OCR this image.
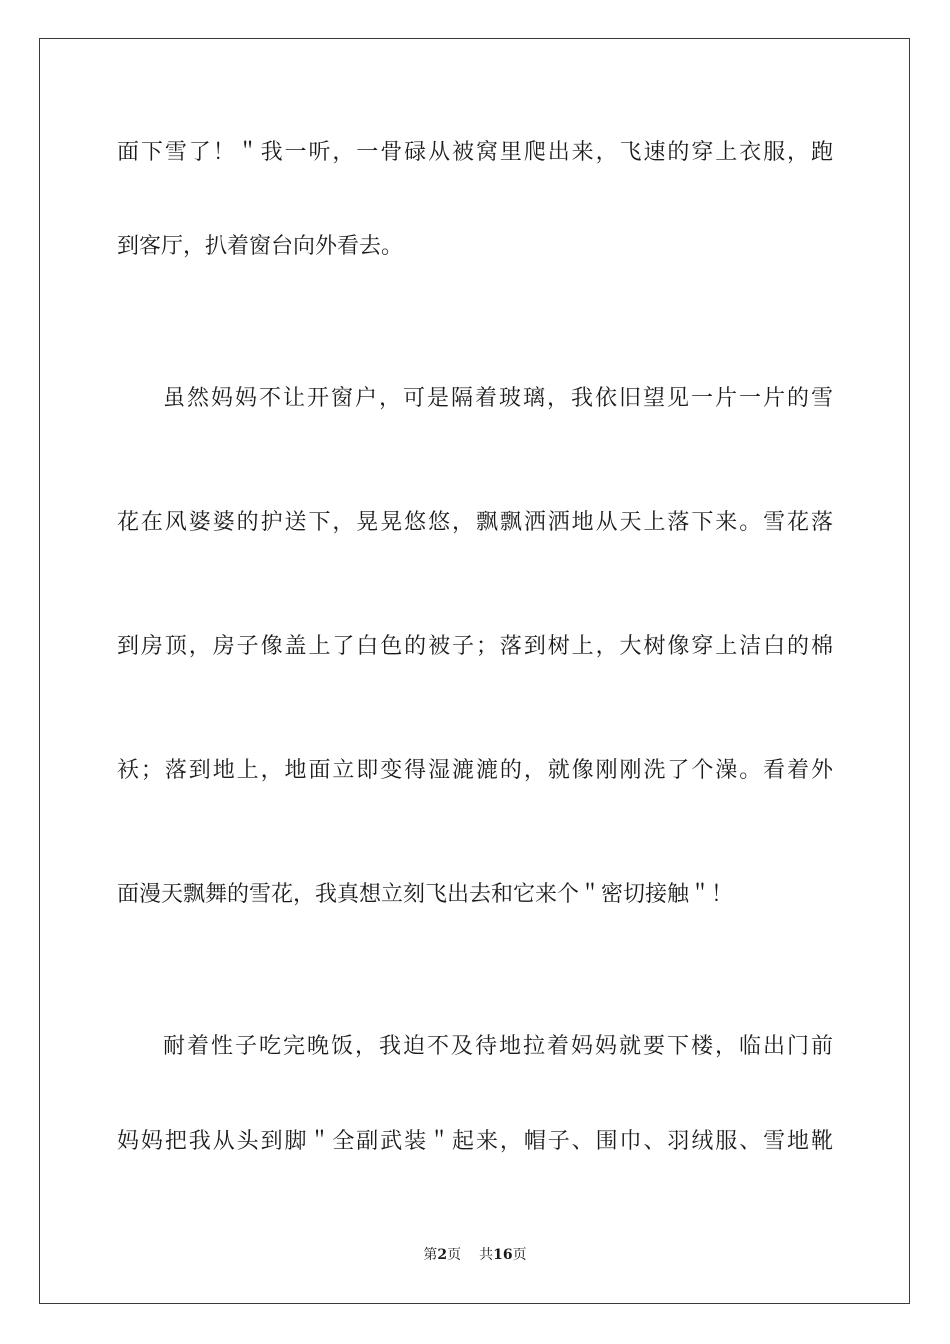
面下雪了！＂我一听，一骨碌从被窝里爬出来，飞速的穿上衣服，跑
到客厅，扒着窗台向外看去。
虽然妈妈不让开窗户，可是隔着玻璃，我依旧望见一片一片的雪
花在风婆婆的护送下，晃晃悠悠，飘飘洒洒地从天上落下来。雪花落
到房顶，房子像盖上了白色的被子；落到树上，大树像穿上洁白的棉
袄；落到地上，地面立即变得湿漉漉的，就像刚刚洗了个澡。看着外
面漫天飘舞的雪花，我真想立刻飞出去和它来个＂密切接触＂！
耐着性子吃完晚饭，我迫不及待地拉着妈妈就要下楼，临出门前
妈妈把我从头到脚＂全副武装＂起来，帽子、围巾、羽绒服、雪地靴
第2页 共16页
